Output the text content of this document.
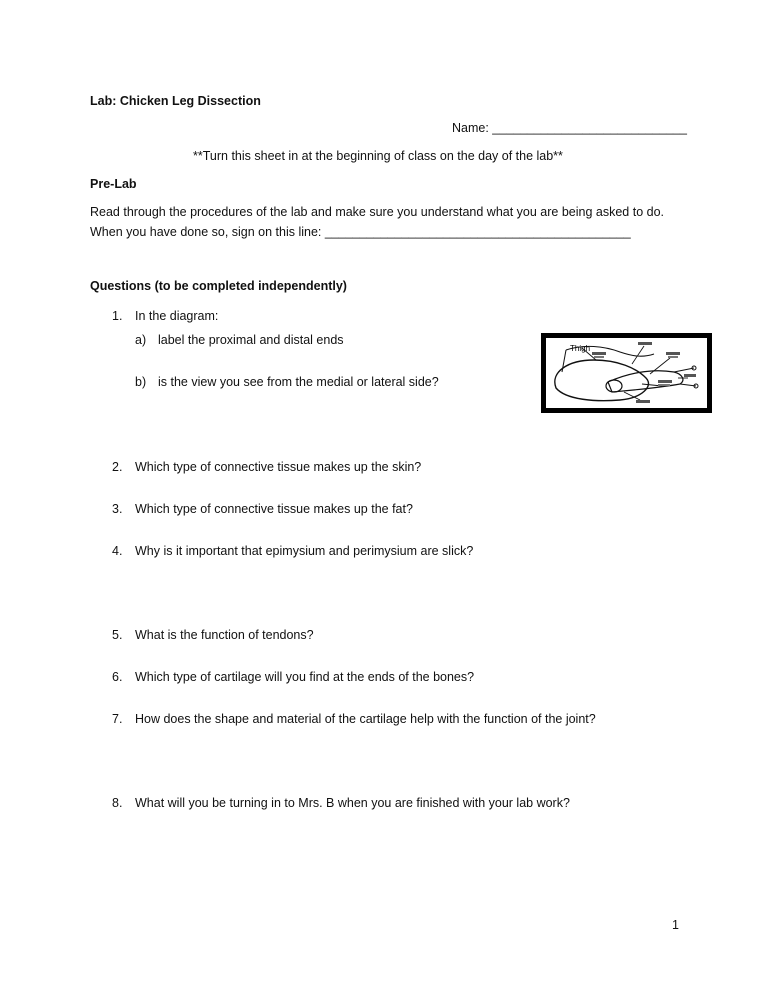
Lab: Chicken Leg Dissection
Name: ____________________________
**Turn this sheet in at the beginning of class on the day of the lab**
Pre-Lab
Read through the procedures of the lab and make sure you understand what you are being asked to do.
When you have done so, sign on this line: ____________________________________________
Questions (to be completed independently)
1. In the diagram:
a) label the proximal and distal ends
b) is the view you see from the medial or lateral side?
Thigh
2. Which type of connective tissue makes up the skin?
3. Which type of connective tissue makes up the fat?
4. Why is it important that epimysium and perimysium are slick?
5. What is the function of tendons?
6. Which type of cartilage will you find at the ends of the bones?
7. How does the shape and material of the cartilage help with the function of the joint?
8. What will you be turning in to Mrs. B when you are finished with your lab work?
1
